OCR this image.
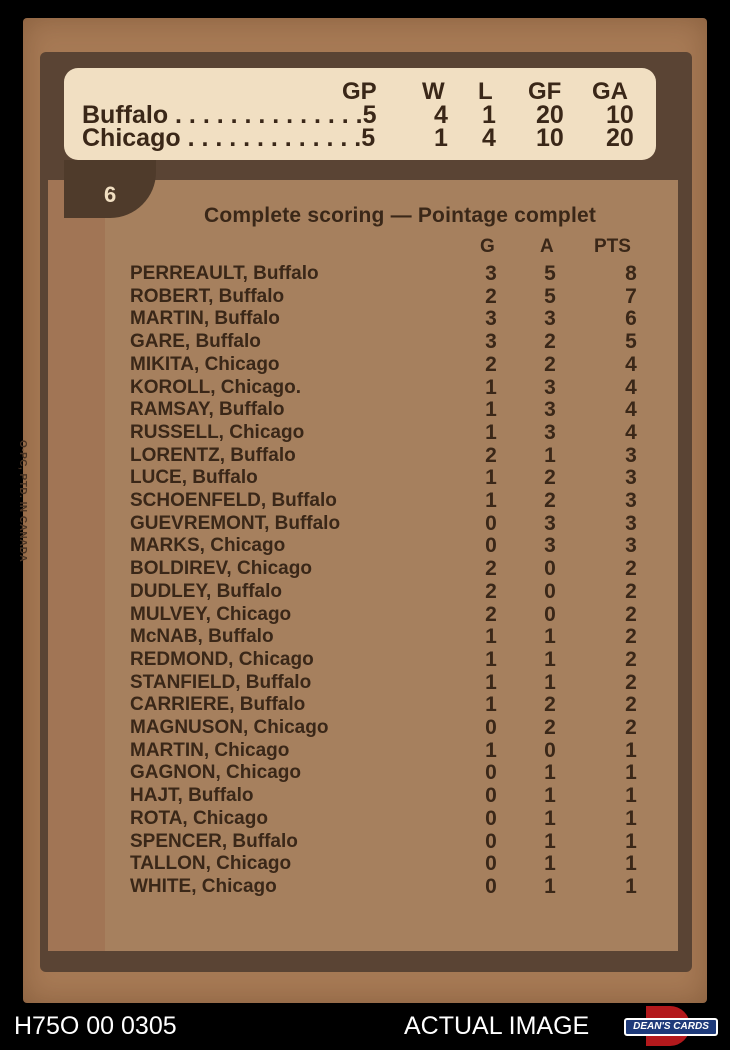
GP W L GF GA
Buffalo . . . . . . . . . . . . . .5 4 1 20 10
Chicago . . . . . . . . . . . . .5 1 4 10 20
6
Complete scoring — Pointage complet
G A PTS
PERREAULT, Buffalo	3	5	8
ROBERT, Buffalo	2	5	7
MARTIN, Buffalo	3	3	6
GARE, Buffalo	3	2	5
MIKITA, Chicago	2	2	4
KOROLL, Chicago.	1	3	4
RAMSAY, Buffalo	1	3	4
RUSSELL, Chicago	1	3	4
LORENTZ, Buffalo	2	1	3
LUCE, Buffalo	1	2	3
SCHOENFELD, Buffalo	1	2	3
GUEVREMONT, Buffalo	0	3	3
MARKS, Chicago	0	3	3
BOLDIREV, Chicago	2	0	2
DUDLEY, Buffalo	2	0	2
MULVEY, Chicago	2	0	2
McNAB, Buffalo	1	1	2
REDMOND, Chicago	1	1	2
STANFIELD, Buffalo	1	1	2
CARRIERE, Buffalo	1	2	2
MAGNUSON, Chicago	0	2	2
MARTIN, Chicago	1	0	1
GAGNON, Chicago	0	1	1
HAJT, Buffalo	0	1	1
ROTA, Chicago	0	1	1
SPENCER, Buffalo	0	1	1
TALLON, Chicago	0	1	1
WHITE, Chicago	0	1	1
O-PC, PTD. IN CANADA
H75O 00 0305	ACTUAL IMAGE	DEAN'S CARDS
